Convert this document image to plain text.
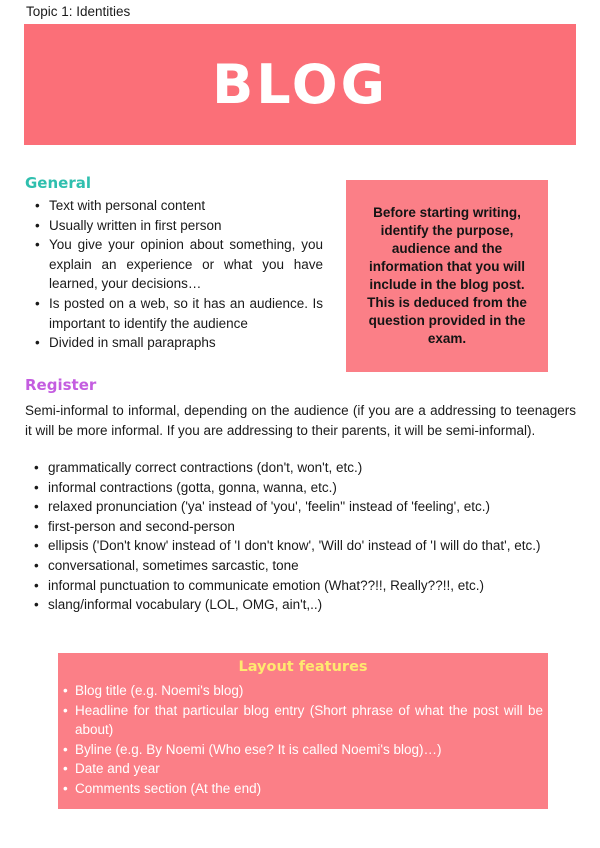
Topic 1: Identities
BLOG
General
• Text with personal content
• Usually written in first person
• You give your opinion about something, you explain an experience or what you have learned, your decisions…
• Is posted on a web, so it has an audience. Is important to identify the audience
• Divided in small parapraphs
Before starting writing, identify the purpose, audience and the information that you will include in the blog post.
This is deduced from the question provided in the exam.
Register
Semi-informal to informal, depending on the audience (if you are a addressing to teenagers it will be more informal. If you are addressing to their parents, it will be semi-informal).
• grammatically correct contractions (don't, won't, etc.)
• informal contractions (gotta, gonna, wanna, etc.)
• relaxed pronunciation ('ya' instead of 'you', 'feelin'' instead of 'feeling', etc.)
• first-person and second-person
• ellipsis ('Don't know' instead of 'I don't know', 'Will do' instead of 'I will do that', etc.)
• conversational, sometimes sarcastic, tone
• informal punctuation to communicate emotion (What??!!, Really??!!, etc.)
• slang/informal vocabulary (LOL, OMG, ain't,..)
Layout features
• Blog title (e.g. Noemi's blog)
• Headline for that particular blog entry (Short phrase of what the post will be about)
• Byline (e.g. By Noemi (Who ese? It is called Noemi's blog)…)
• Date and year
• Comments section (At the end)
